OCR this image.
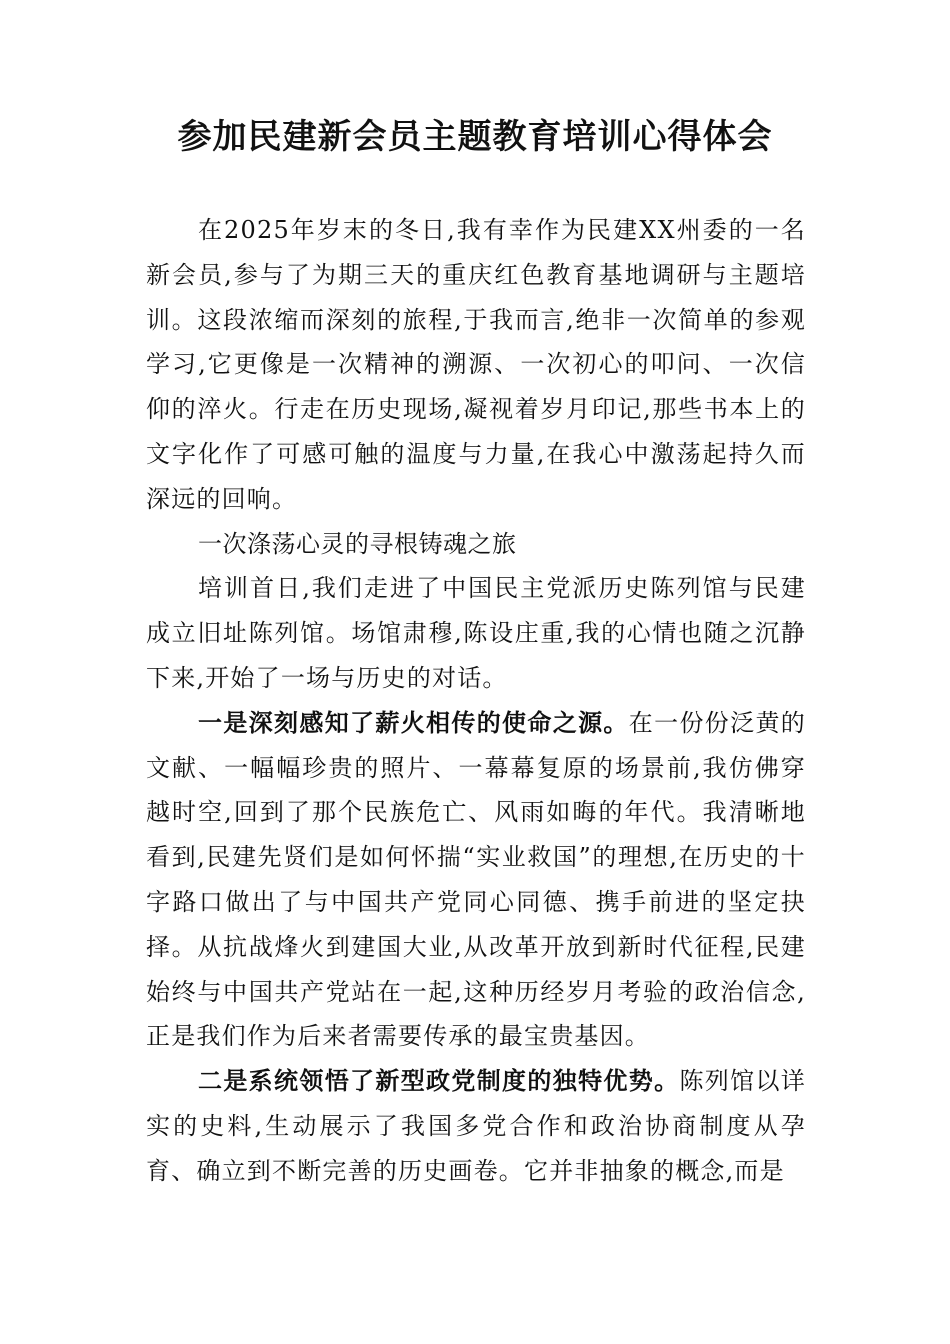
参加民建新会员主题教育培训心得体会

在2025年岁末的冬日,我有幸作为民建XX州委的一名新会员,参与了为期三天的重庆红色教育基地调研与主题培训。这段浓缩而深刻的旅程,于我而言,绝非一次简单的参观学习,它更像是一次精神的溯源、一次初心的叩问、一次信仰的淬火。行走在历史现场,凝视着岁月印记,那些书本上的文字化作了可感可触的温度与力量,在我心中激荡起持久而深远的回响。

一次涤荡心灵的寻根铸魂之旅

培训首日,我们走进了中国民主党派历史陈列馆与民建成立旧址陈列馆。场馆肃穆,陈设庄重,我的心情也随之沉静下来,开始了一场与历史的对话。

一是深刻感知了薪火相传的使命之源。在一份份泛黄的文献、一幅幅珍贵的照片、一幕幕复原的场景前,我仿佛穿越时空,回到了那个民族危亡、风雨如晦的年代。我清晰地看到,民建先贤们是如何怀揣“实业救国”的理想,在历史的十字路口做出了与中国共产党同心同德、携手前进的坚定抉择。从抗战烽火到建国大业,从改革开放到新时代征程,民建始终与中国共产党站在一起,这种历经岁月考验的政治信念,正是我们作为后来者需要传承的最宝贵基因。

二是系统领悟了新型政党制度的独特优势。陈列馆以详实的史料,生动展示了我国多党合作和政治协商制度从孕育、确立到不断完善的历史画卷。它并非抽象的概念,而是
